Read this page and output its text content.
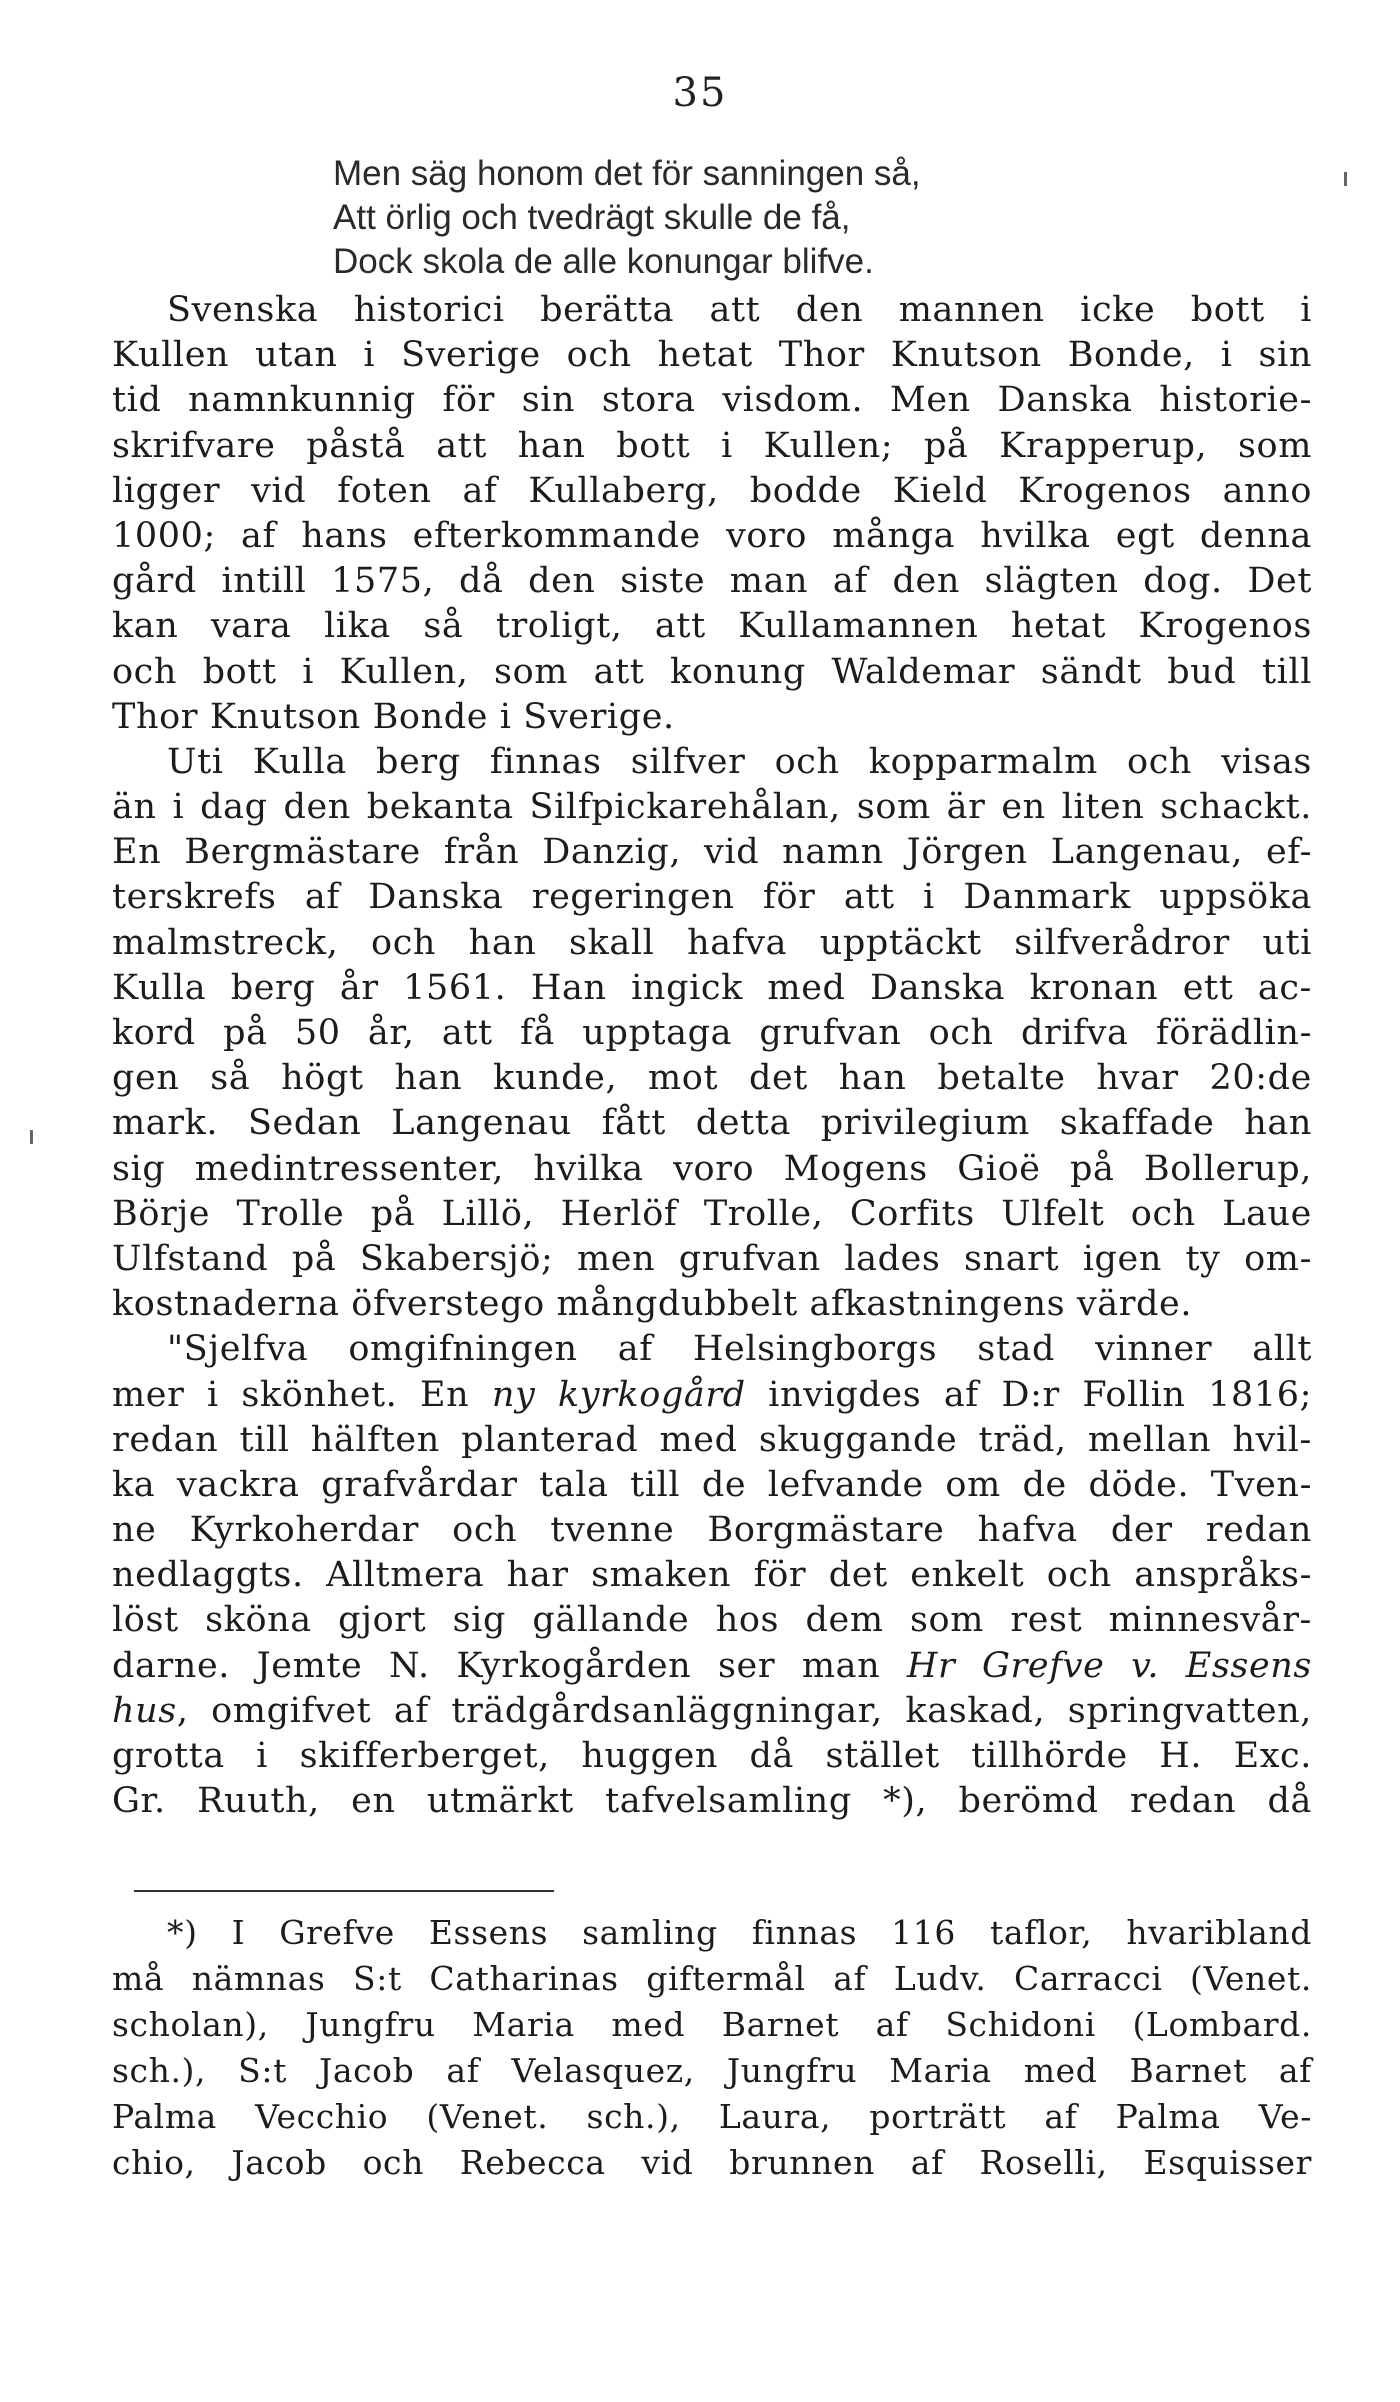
35
Men säg honom det för sanningen så,
Att örlig och tvedrägt skulle de få,
Dock skola de alle konungar blifve.
Svenska historici berätta att den mannen icke bott i
Kullen utan i Sverige och hetat Thor Knutson Bonde, i sin
tid namnkunnig för sin stora visdom. Men Danska historie-
skrifvare påstå att han bott i Kullen; på Krapperup, som
ligger vid foten af Kullaberg, bodde Kield Krogenos anno
1000; af hans efterkommande voro många hvilka egt denna
gård intill 1575, då den siste man af den slägten dog. Det
kan vara lika så troligt, att Kullamannen hetat Krogenos
och bott i Kullen, som att konung Waldemar sändt bud till
Thor Knutson Bonde i Sverige.
Uti Kulla berg finnas silfver och kopparmalm och visas
än i dag den bekanta Silfpickarehålan, som är en liten schackt.
En Bergmästare från Danzig, vid namn Jörgen Langenau, ef-
terskrefs af Danska regeringen för att i Danmark uppsöka
malmstreck, och han skall hafva upptäckt silfverådror uti
Kulla berg år 1561. Han ingick med Danska kronan ett ac-
kord på 50 år, att få upptaga grufvan och drifva förädlin-
gen så högt han kunde, mot det han betalte hvar 20:de
mark. Sedan Langenau fått detta privilegium skaffade han
sig medintressenter, hvilka voro Mogens Gioë på Bollerup,
Börje Trolle på Lillö, Herlöf Trolle, Corfits Ulfelt och Laue
Ulfstand på Skabersjö; men grufvan lades snart igen ty om-
kostnaderna öfverstego mångdubbelt afkastningens värde.
"Sjelfva omgifningen af Helsingborgs stad vinner allt
mer i skönhet. En ny kyrkogård invigdes af D:r Follin 1816;
redan till hälften planterad med skuggande träd, mellan hvil-
ka vackra grafvårdar tala till de lefvande om de döde. Tven-
ne Kyrkoherdar och tvenne Borgmästare hafva der redan
nedlaggts. Alltmera har smaken för det enkelt och anspråks-
löst sköna gjort sig gällande hos dem som rest minnesvår-
darne. Jemte N. Kyrkogården ser man Hr Grefve v. Essens
hus, omgifvet af trädgårdsanläggningar, kaskad, springvatten,
grotta i skifferberget, huggen då stället tillhörde H. Exc.
Gr. Ruuth, en utmärkt tafvelsamling *), berömd redan då
*) I Grefve Essens samling finnas 116 taflor, hvaribland
må nämnas S:t Catharinas giftermål af Ludv. Carracci (Venet.
scholan), Jungfru Maria med Barnet af Schidoni (Lombard.
sch.), S:t Jacob af Velasquez, Jungfru Maria med Barnet af
Palma Vecchio (Venet. sch.), Laura, porträtt af Palma Ve-
chio, Jacob och Rebecca vid brunnen af Roselli, Esquisser
